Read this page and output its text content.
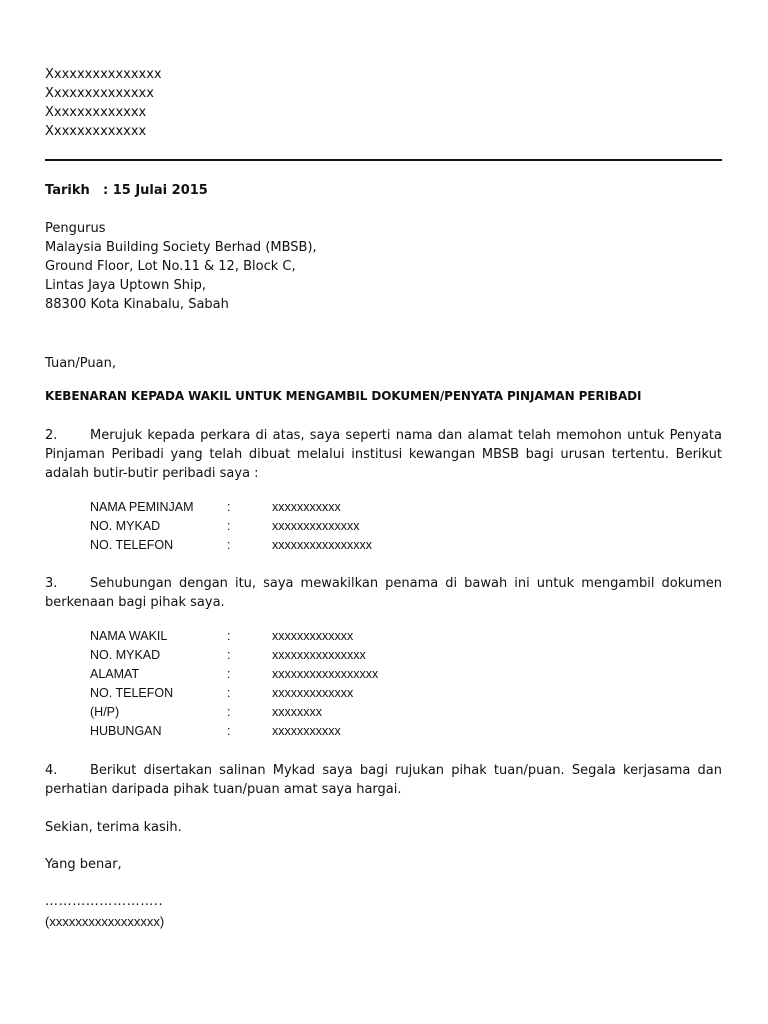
Xxxxxxxxxxxxxxx
Xxxxxxxxxxxxxx
Xxxxxxxxxxxxx
Xxxxxxxxxxxxx
Tarikh : 15 Julai 2015
Pengurus
Malaysia Building Society Berhad (MBSB),
Ground Floor, Lot No.11 & 12, Block C,
Lintas Jaya Uptown Ship,
88300 Kota Kinabalu, Sabah
Tuan/Puan,
KEBENARAN KEPADA WAKIL UNTUK MENGAMBIL DOKUMEN/PENYATA PINJAMAN PERIBADI
2.	Merujuk kepada perkara di atas, saya seperti nama dan alamat telah memohon untuk Penyata Pinjaman Peribadi yang telah dibuat melalui institusi kewangan MBSB bagi urusan tertentu. Berikut adalah butir-butir peribadi saya :
NAMA PEMINJAM	:	xxxxxxxxxxx
NO. MYKAD	:	xxxxxxxxxxxxxx
NO. TELEFON	:	xxxxxxxxxxxxxxxx
3.	Sehubungan dengan itu, saya mewakilkan penama di bawah ini untuk mengambil dokumen berkenaan bagi pihak saya.
NAMA WAKIL	:	xxxxxxxxxxxxx
NO. MYKAD	:	xxxxxxxxxxxxxxx
ALAMAT	:	xxxxxxxxxxxxxxxxx
NO. TELEFON	:	xxxxxxxxxxxxx
(H/P)	:	xxxxxxxx
HUBUNGAN	:	xxxxxxxxxxx
4.	Berikut disertakan salinan Mykad saya bagi rujukan pihak tuan/puan. Segala kerjasama dan perhatian daripada pihak tuan/puan amat saya hargai.
Sekian, terima kasih.
Yang benar,
……………………..
(xxxxxxxxxxxxxxxxx)
